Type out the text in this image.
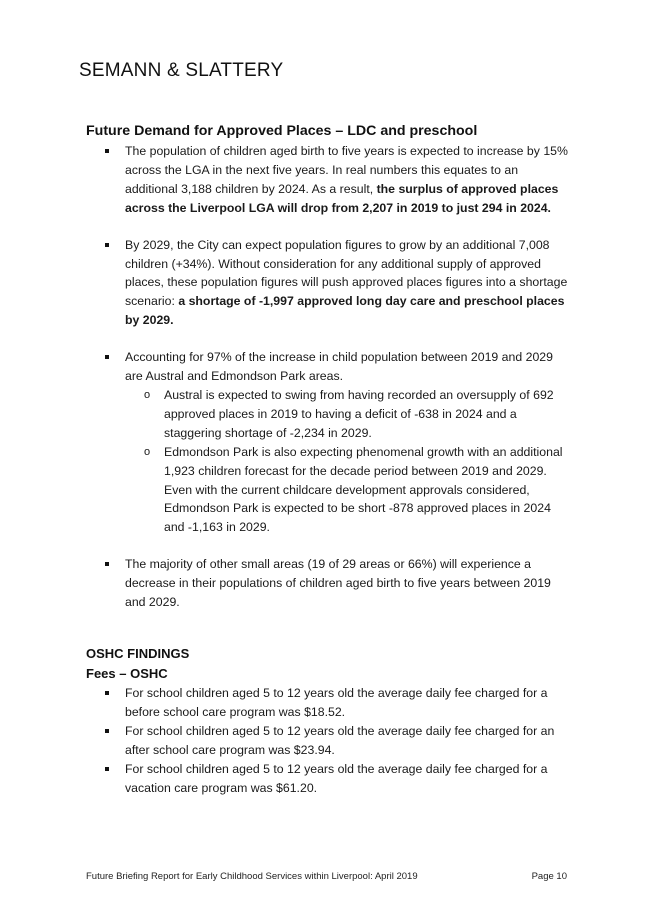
SEMANN & SLATTERY
Future Demand for Approved Places – LDC and preschool
The population of children aged birth to five years is expected to increase by 15% across the LGA in the next five years. In real numbers this equates to an additional 3,188 children by 2024. As a result, the surplus of approved places across the Liverpool LGA will drop from 2,207 in 2019 to just 294 in 2024.
By 2029, the City can expect population figures to grow by an additional 7,008 children (+34%). Without consideration for any additional supply of approved places, these population figures will push approved places figures into a shortage scenario: a shortage of -1,997 approved long day care and preschool places by 2029.
Accounting for 97% of the increase in child population between 2019 and 2029 are Austral and Edmondson Park areas.
o Austral is expected to swing from having recorded an oversupply of 692 approved places in 2019 to having a deficit of -638 in 2024 and a staggering shortage of -2,234 in 2029.
o Edmondson Park is also expecting phenomenal growth with an additional 1,923 children forecast for the decade period between 2019 and 2029. Even with the current childcare development approvals considered, Edmondson Park is expected to be short -878 approved places in 2024 and -1,163 in 2029.
The majority of other small areas (19 of 29 areas or 66%) will experience a decrease in their populations of children aged birth to five years between 2019 and 2029.
OSHC FINDINGS
Fees – OSHC
For school children aged 5 to 12 years old the average daily fee charged for a before school care program was $18.52.
For school children aged 5 to 12 years old the average daily fee charged for an after school care program was $23.94.
For school children aged 5 to 12 years old the average daily fee charged for a vacation care program was $61.20.
Future Briefing Report for Early Childhood Services within Liverpool: April 2019	Page 10
